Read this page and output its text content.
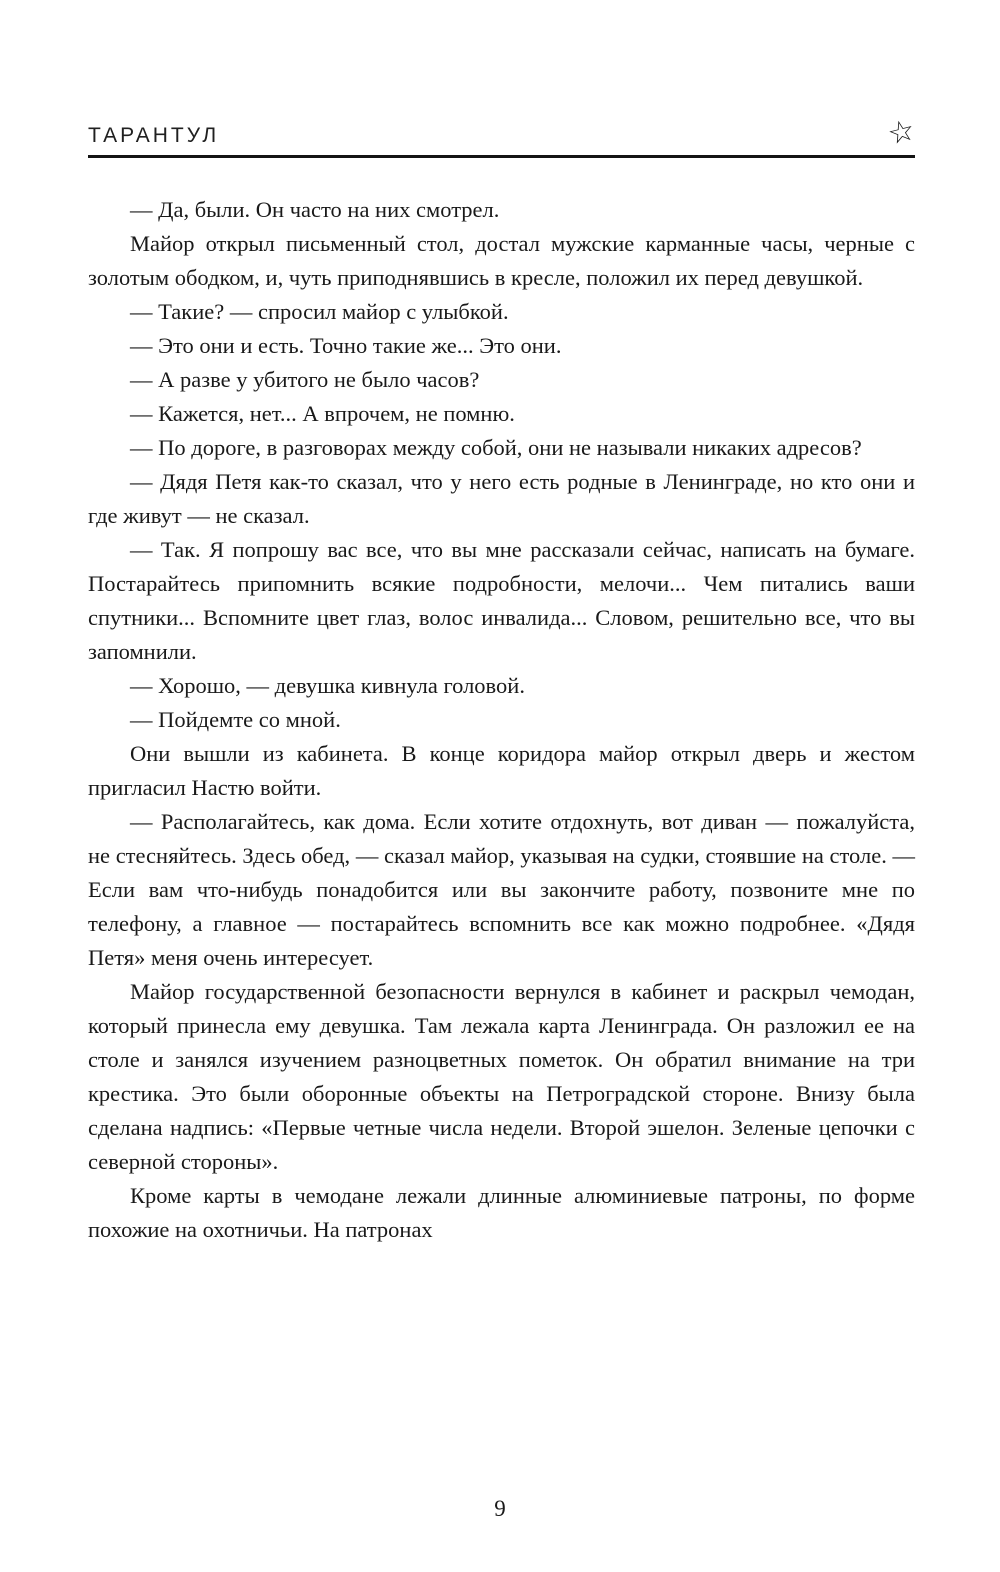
ТАРАНТУЛ	☆

— Да, были. Он часто на них смотрел.

Майор открыл письменный стол, достал мужские карманные часы, черные с золотым ободком, и, чуть приподнявшись в кресле, положил их перед девушкой.

— Такие? — спросил майор с улыбкой.

— Это они и есть. Точно такие же... Это они.

— А разве у убитого не было часов?

— Кажется, нет... А впрочем, не помню.

— По дороге, в разговорах между собой, они не называли никаких адресов?

— Дядя Петя как-то сказал, что у него есть родные в Ленинграде, но кто они и где живут — не сказал.

— Так. Я попрошу вас все, что вы мне рассказали сейчас, написать на бумаге. Постарайтесь припомнить всякие подробности, мелочи... Чем питались ваши спутники... Вспомните цвет глаз, волос инвалида... Словом, решительно все, что вы запомнили.

— Хорошо, — девушка кивнула головой.

— Пойдемте со мной.

Они вышли из кабинета. В конце коридора майор открыл дверь и жестом пригласил Настю войти.

— Располагайтесь, как дома. Если хотите отдохнуть, вот диван — пожалуйста, не стесняйтесь. Здесь обед, — сказал майор, указывая на судки, стоявшие на столе. — Если вам что-нибудь понадобится или вы закончите работу, позвоните мне по телефону, а главное — постарайтесь вспомнить все как можно подробнее. «Дядя Петя» меня очень интересует.

Майор государственной безопасности вернулся в кабинет и раскрыл чемодан, который принесла ему девушка. Там лежала карта Ленинграда. Он разложил ее на столе и занялся изучением разноцветных пометок. Он обратил внимание на три крестика. Это были оборонные объекты на Петроградской стороне. Внизу была сделана надпись: «Первые четные числа недели. Второй эшелон. Зеленые цепочки с северной стороны».

Кроме карты в чемодане лежали длинные алюминиевые патроны, по форме похожие на охотничьи. На патронах

9
